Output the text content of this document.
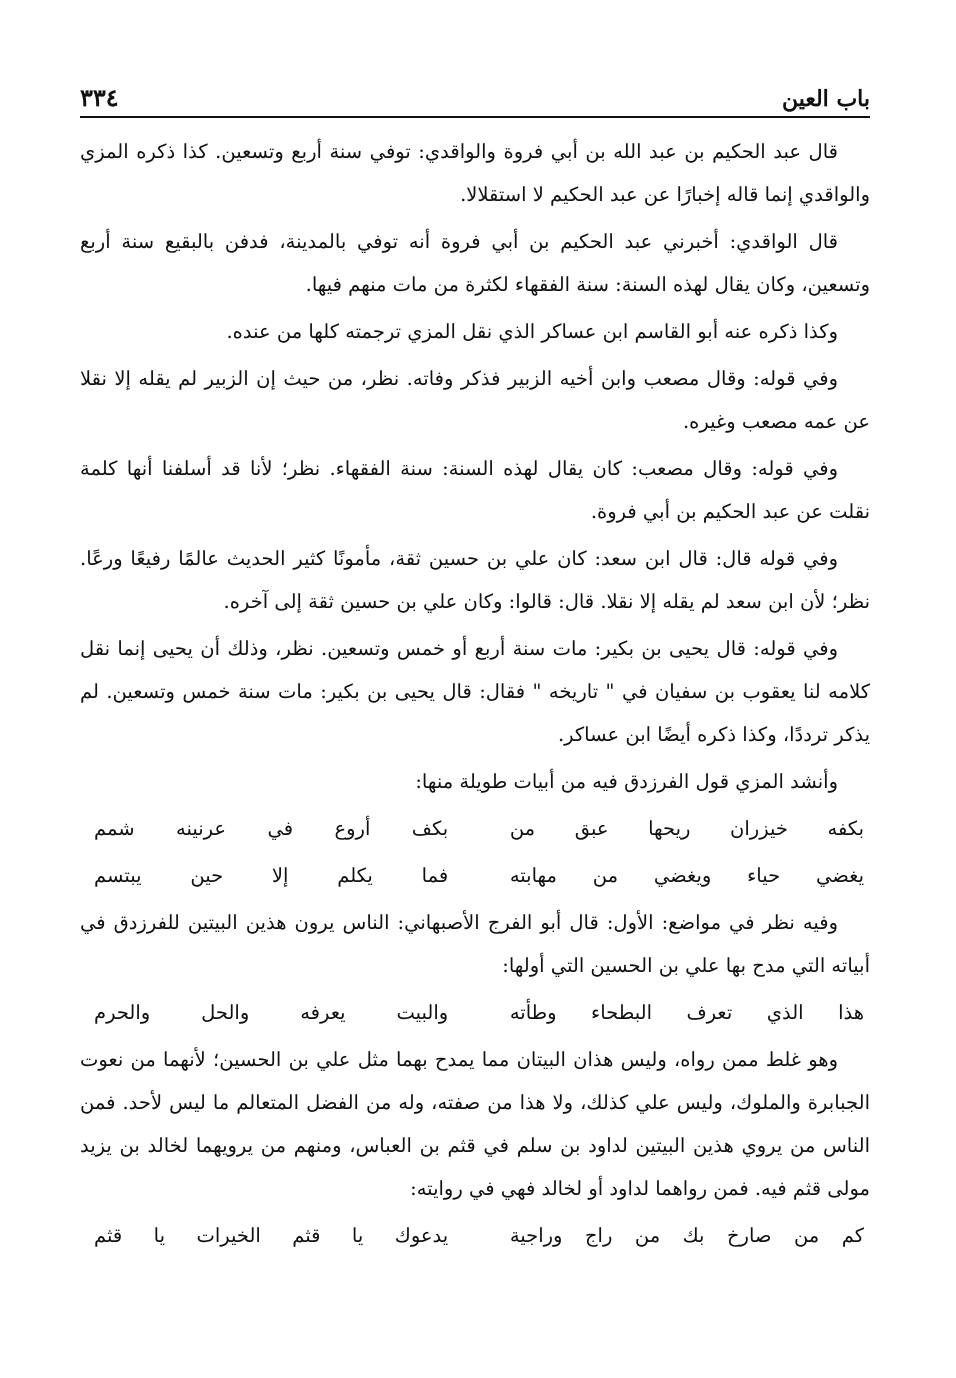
باب العين
٣٣٤

قال عبد الحكيم بن عبد الله بن أبي فروة والواقدي: توفي سنة أربع وتسعين. كذا ذكره المزي والواقدي إنما قاله إخبارًا عن عبد الحكيم لا استقلالا.

قال الواقدي: أخبرني عبد الحكيم بن أبي فروة أنه توفي بالمدينة، فدفن بالبقيع سنة أربع وتسعين، وكان يقال لهذه السنة: سنة الفقهاء لكثرة من مات منهم فيها.

وكذا ذكره عنه أبو القاسم ابن عساكر الذي نقل المزي ترجمته كلها من عنده.

وفي قوله: وقال مصعب وابن أخيه الزبير فذكر وفاته. نظر، من حيث إن الزبير لم يقله إلا نقلا عن عمه مصعب وغيره.

وفي قوله: وقال مصعب: كان يقال لهذه السنة: سنة الفقهاء. نظر؛ لأنا قد أسلفنا أنها كلمة نقلت عن عبد الحكيم بن أبي فروة.

وفي قوله قال: قال ابن سعد: كان علي بن حسين ثقة، مأمونًا كثير الحديث عالمًا رفيعًا ورعًا. نظر؛ لأن ابن سعد لم يقله إلا نقلا. قال: قالوا: وكان علي بن حسين ثقة إلى آخره.

وفي قوله: قال يحيى بن بكير: مات سنة أربع أو خمس وتسعين. نظر، وذلك أن يحيى إنما نقل كلامه لنا يعقوب بن سفيان في " تاريخه " فقال: قال يحيى بن بكير: مات سنة خمس وتسعين. لم يذكر ترددًا، وكذا ذكره أيضًا ابن عساكر.

وأنشد المزي قول الفرزدق فيه من أبيات طويلة منها:

بكفه خيزران ريحها عبق من
بكف أروع في عرنينه شمم
يغضي حياء ويغضي من مهابته
فما يكلم إلا حين يبتسم

وفيه نظر في مواضع: الأول: قال أبو الفرج الأصبهاني: الناس يرون هذين البيتين للفرزدق في أبياته التي مدح بها علي بن الحسين التي أولها:

هذا الذي تعرف البطحاء وطأته
والبيت يعرفه والحل والحرم

وهو غلط ممن رواه، وليس هذان البيتان مما يمدح بهما مثل علي بن الحسين؛ لأنهما من نعوت الجبابرة والملوك، وليس علي كذلك، ولا هذا من صفته، وله من الفضل المتعالم ما ليس لأحد. فمن الناس من يروي هذين البيتين لداود بن سلم في قثم بن العباس، ومنهم من يرويهما لخالد بن يزيد مولى قثم فيه. فمن رواهما لداود أو لخالد فهي في روايته:

كم من صارخ بك من راج وراجية
يدعوك يا قثم الخيرات يا قثم
